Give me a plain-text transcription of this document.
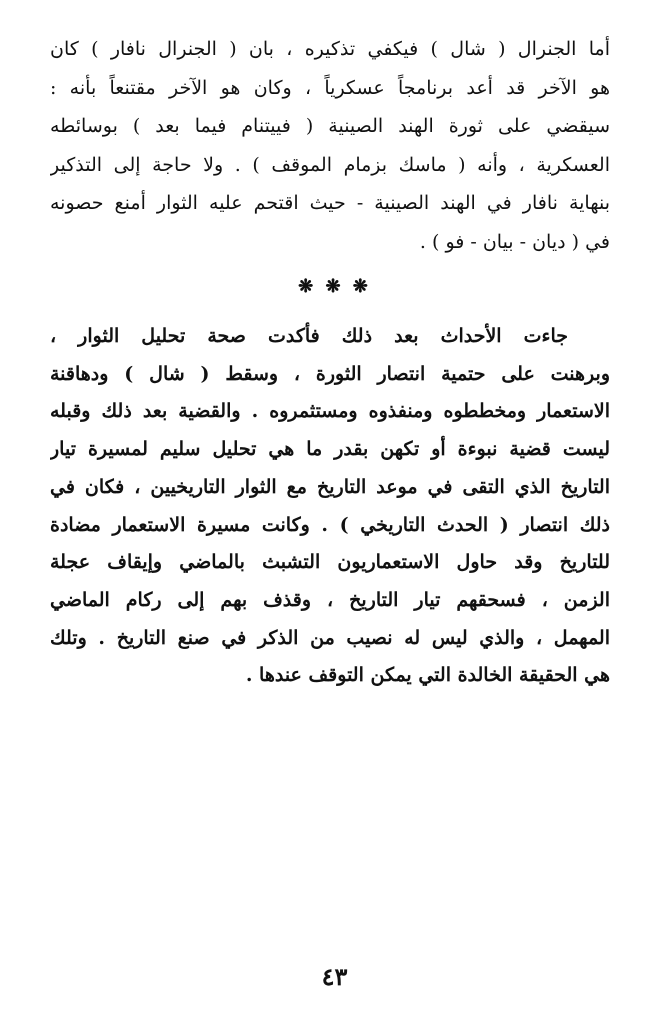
أما الجنرال ( شال ) فيكفي تذكيره ، بان ( الجنرال نافار ) كان
هو الآخر قد أعد برنامجاً عسكرياً ، وكان هو الآخر مقتنعاً بأنه :
سيقضي على ثورة الهند الصينية ( فييتنام فيما بعد ) بوسائطه
العسكرية ، وأنه ( ماسك بزمام الموقف ) . ولا حاجة إلى التذكير
بنهاية نافار في الهند الصينية - حيث اقتحم عليه الثوار أمنع حصونه
في ( ديان - بيان - فو ) .

❋ ❋ ❋

جاءت الأحداث بعد ذلك فأكدت صحة تحليل الثوار ،
وبرهنت على حتمية انتصار الثورة ، وسقط ( شال ) ودهاقنة
الاستعمار ومخططوه ومنفذوه ومستثمروه . والقضية بعد ذلك وقبله
ليست قضية نبوءة أو تكهن بقدر ما هي تحليل سليم لمسيرة تيار
التاريخ الذي التقى في موعد التاريخ مع الثوار التاريخيين ، فكان في
ذلك انتصار ( الحدث التاريخي ) . وكانت مسيرة الاستعمار مضادة
للتاريخ وقد حاول الاستعماريون التشبث بالماضي وإيقاف عجلة
الزمن ، فسحقهم تيار التاريخ ، وقذف بهم إلى ركام الماضي
المهمل ، والذي ليس له نصيب من الذكر في صنع التاريخ . وتلك
هي الحقيقة الخالدة التي يمكن التوقف عندها .

٤٣
